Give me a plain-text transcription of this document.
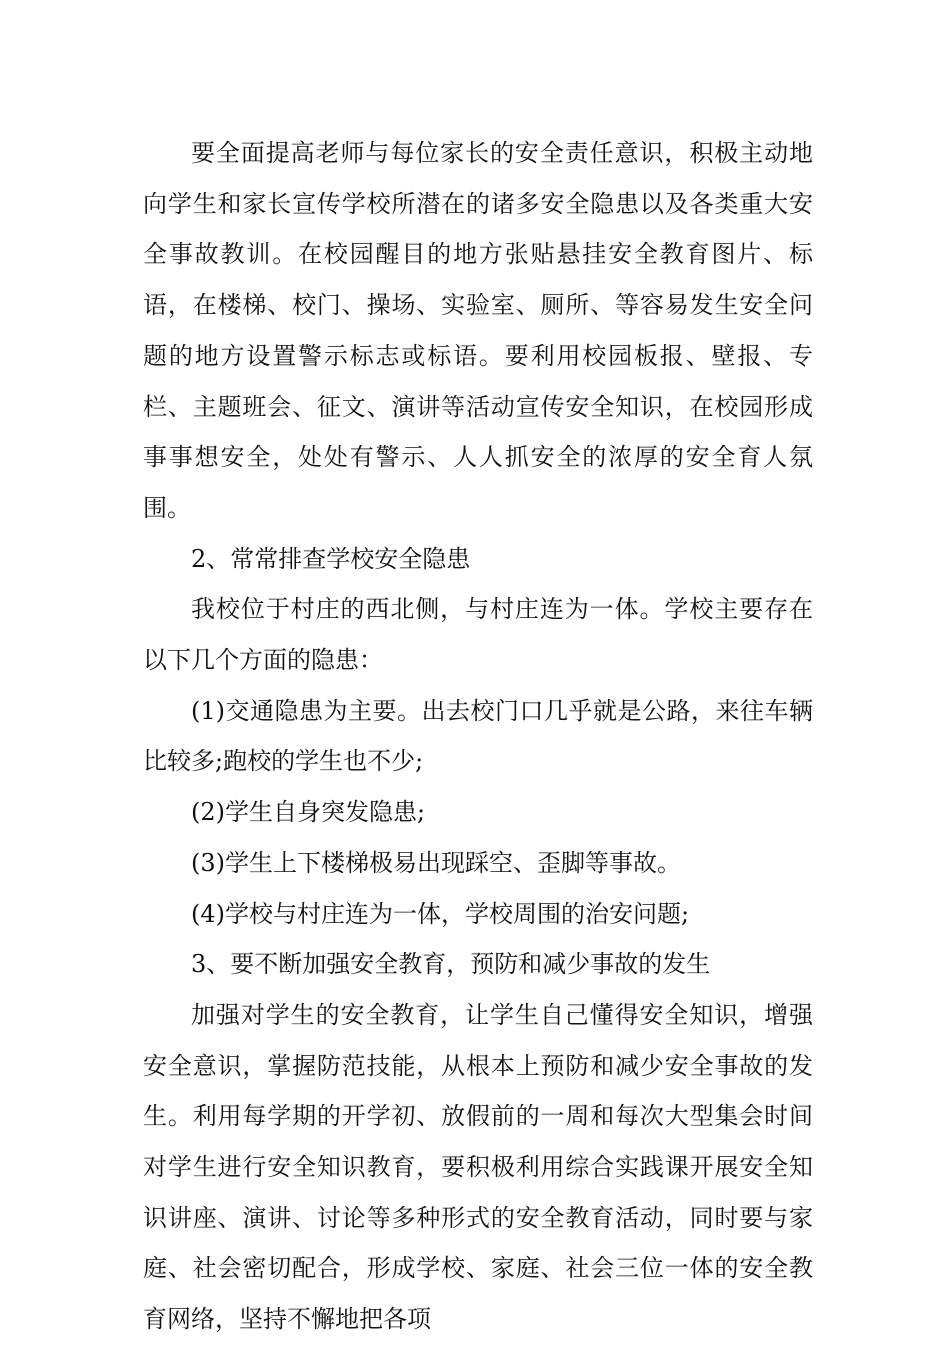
要全面提高老师与每位家长的安全责任意识，积极主动地向学生和家长宣传学校所潜在的诸多安全隐患以及各类重大安全事故教训。在校园醒目的地方张贴悬挂安全教育图片、标语，在楼梯、校门、操场、实验室、厕所、等容易发生安全问题的地方设置警示标志或标语。要利用校园板报、壁报、专栏、主题班会、征文、演讲等活动宣传安全知识，在校园形成事事想安全，处处有警示、人人抓安全的浓厚的安全育人氛围。

2、常常排查学校安全隐患

我校位于村庄的西北侧，与村庄连为一体。学校主要存在以下几个方面的隐患：

(1)交通隐患为主要。出去校门口几乎就是公路，来往车辆比较多;跑校的学生也不少;

(2)学生自身突发隐患;

(3)学生上下楼梯极易出现踩空、歪脚等事故。

(4)学校与村庄连为一体，学校周围的治安问题;

3、要不断加强安全教育，预防和减少事故的发生

加强对学生的安全教育，让学生自己懂得安全知识，增强安全意识，掌握防范技能，从根本上预防和减少安全事故的发生。利用每学期的开学初、放假前的一周和每次大型集会时间对学生进行安全知识教育，要积极利用综合实践课开展安全知识讲座、演讲、讨论等多种形式的安全教育活动，同时要与家庭、社会密切配合，形成学校、家庭、社会三位一体的安全教育网络，坚持不懈地把各项
